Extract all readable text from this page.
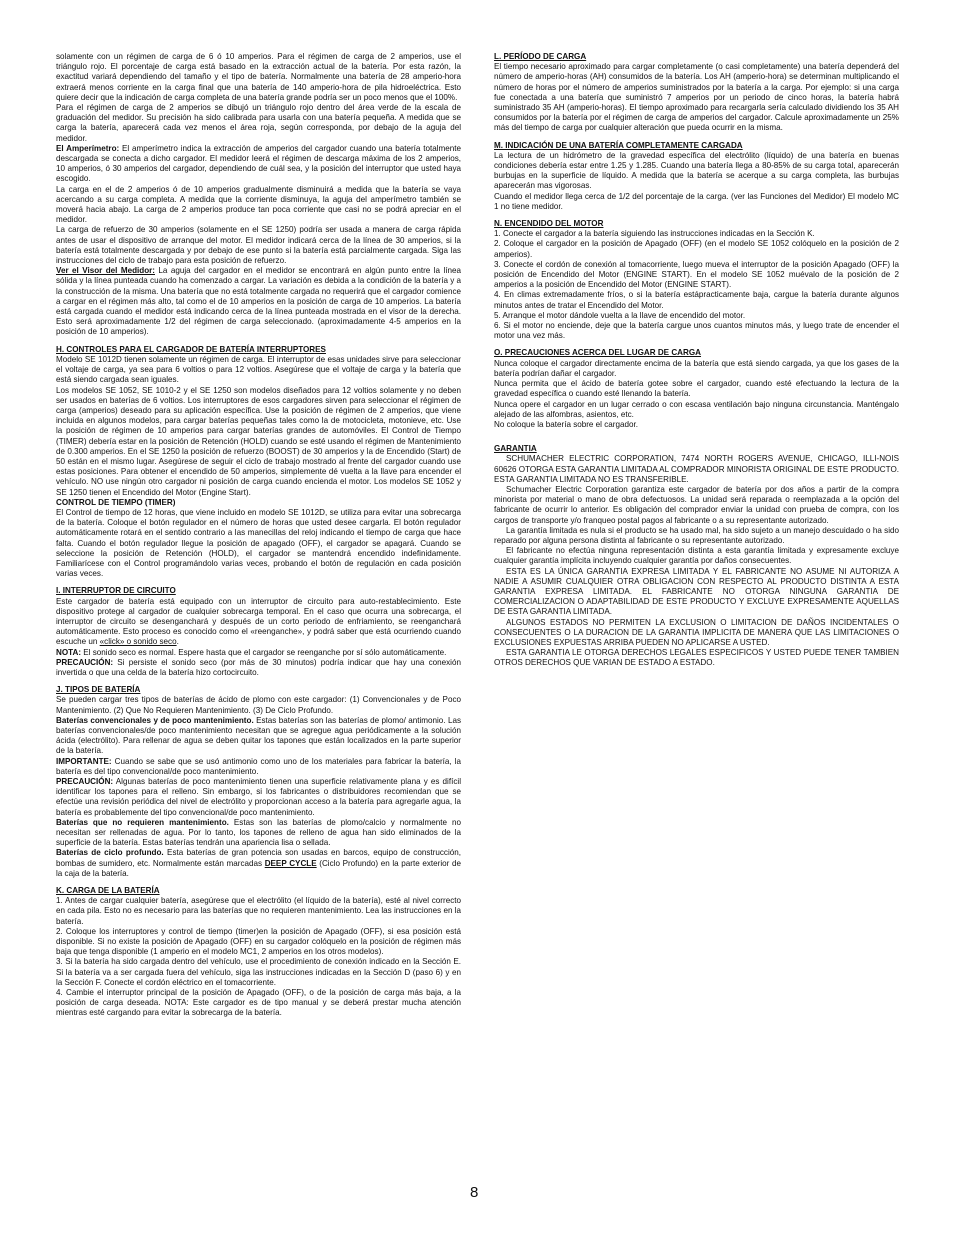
solamente con un régimen de carga de 6 ó 10 amperios. Para el régimen de carga de 2 amperios, use el triángulo rojo. El porcentaje de carga está basado en la extracción actual de la batería. Por esta razón, la exactitud variará dependiendo del tamaño y el tipo de batería. Normalmente una batería de 28 amperio-hora extraerá menos corriente en la carga final que una batería de 140 amperio-hora de pila hidroeléctrica. Esto quiere decir que la indicación de carga completa de una batería grande podría ser un poco menos que el 100%.

Para el régimen de carga de 2 amperios se dibujó un triángulo rojo dentro del área verde de la escala de graduación del medidor. Su precisión ha sido calibrada para usarla con una batería pequeña. A medida que se carga la batería, aparecerá cada vez menos el área roja, según corresponda, por debajo de la aguja del medidor.

El Amperímetro: El amperímetro indica la extracción de amperios del cargador cuando una batería totalmente descargada se conecta a dicho cargador. El medidor leerá el régimen de descarga máxima de los 2 amperios, 10 amperios, ó 30 amperios del cargador, dependiendo de cuál sea, y la posición del interruptor que usted haya escogido.

La carga en el de 2 amperios ó de 10 amperios gradualmente disminuirá a medida que la batería se vaya acercando a su carga completa. A medida que la corriente disminuya, la aguja del amperímetro también se moverá hacia abajo. La carga de 2 amperios produce tan poca corriente que casi no se podrá apreciar en el medidor.

La carga de refuerzo de 30 amperios (solamente en el SE 1250) podría ser usada a manera de carga rápida antes de usar el dispositivo de arranque del motor. El medidor indicará cerca de la línea de 30 amperios, si la batería está totalmente descargada y por debajo de ese punto si la batería está parcialmente cargada. Siga las instrucciones del ciclo de trabajo para esta posición de refuerzo.

Ver el Visor del Medidor: La aguja del cargador en el medidor se encontrará en algún punto entre la línea sólida y la línea punteada cuando ha comenzado a cargar. La variación es debida a la condición de la batería y a la construcción de la misma. Una batería que no está totalmente cargada no requerirá que el cargador comience a cargar en el régimen más alto, tal como el de 10 amperios en la posición de carga de 10 amperios. La batería está cargada cuando el medidor está indicando cerca de la línea punteada mostrada en el visor de la derecha. Esto será aproximadamente 1/2 del régimen de carga seleccionado. (aproximadamente 4-5 amperios en la posición de 10 amperios).

H. CONTROLES PARA EL CARGADOR DE BATERÍA INTERRUPTORES

Modelo SE 1012D tienen solamente un régimen de carga. El interruptor de esas unidades sirve para seleccionar el voltaje de carga, ya sea para 6 voltios o para 12 voltios. Asegúrese que el voltaje de carga y la batería que está siendo cargada sean iguales.

Los modelos SE 1052, SE 1010-2 y el SE 1250 son modelos diseñados para 12 voltios solamente y no deben ser usados en baterías de 6 voltios. Los interruptores de esos cargadores sirven para seleccionar el régimen de carga (amperios) deseado para su aplicación específica. Use la posición de régimen de 2 amperios, que viene incluida en algunos modelos, para cargar baterías pequeñas tales como la de motocicleta, motonieve, etc. Use la posición de régimen de 10 amperios para cargar baterías grandes de automóviles. El Control de Tiempo (TIMER) debería estar en la posición de Retención (HOLD) cuando se esté usando el régimen de Mantenimiento de 0.300 amperios. En el SE 1250 la posición de refuerzo (BOOST) de 30 amperios y la de Encendido (Start) de 50 están en el mismo lugar. Asegúrese de seguir el ciclo de trabajo mostrado al frente del cargador cuando use estas posiciones. Para obtener el encendido de 50 amperios, simplemente dé vuelta a la llave para encender el vehículo. NO use ningún otro cargador ni posición de carga cuando encienda el motor. Los modelos SE 1052 y SE 1250 tienen el Encendido del Motor (Engine Start).

CONTROL DE TIEMPO (TIMER)

El Control de tiempo de 12 horas, que viene incluido en modelo SE 1012D, se utiliza para evitar una sobrecarga de la batería. Coloque el botón regulador en el número de horas que usted desee cargarla. El botón regulador automáticamente rotará en el sentido contrario a las manecillas del reloj indicando el tiempo de carga que hace falta. Cuando el botón regulador llegue la posición de apagado (OFF), el cargador se apagará. Cuando se seleccione la posición de Retención (HOLD), el cargador se mantendrá encendido indefinidamente. Familiarícese con el Control programándolo varias veces, probando el botón de regulación en cada posición varias veces.

I. INTERRUPTOR DE CIRCUITO

Este cargador de batería está equipado con un interruptor de circuito para auto-restablecimiento. Este dispositivo protege al cargador de cualquier sobrecarga temporal. En el caso que ocurra una sobrecarga, el interruptor de circuito se desenganchará y después de un corto periodo de enfriamiento, se reenganchará automáticamente. Esto proceso es conocido como el «reenganche», y podrá saber que está ocurriendo cuando escuche un «click» o sonido seco.

NOTA: El sonido seco es normal. Espere hasta que el cargador se reenganche por sí sólo automáticamente.

PRECAUCIÓN: Si persiste el sonido seco (por más de 30 minutos) podría indicar que hay una conexión invertida o que una celda de la batería hizo cortocircuito.

J. TIPOS DE BATERÍA

Se pueden cargar tres tipos de baterías de ácido de plomo con este cargador: (1) Convencionales y de Poco Mantenimiento. (2) Que No Requieren Mantenimiento. (3) De Ciclo Profundo.

Baterías convencionales y de poco mantenimiento. Estas baterías son las baterías de plomo/ antimonio. Las baterías convencionales/de poco mantenimiento necesitan que se agregue agua periódicamente a la solución ácida (electrólito). Para rellenar de agua se deben quitar los tapones que están localizados en la parte superior de la batería.

IMPORTANTE: Cuando se sabe que se usó antimonio como uno de los materiales para fabricar la batería, la batería es del tipo convencional/de poco mantenimiento.

PRECAUCIÓN: Algunas baterías de poco mantenimiento tienen una superficie relativamente plana y es difícil identificar los tapones para el relleno. Sin embargo, si los fabricantes o distribuidores recomiendan que se efectúe una revisión periódica del nivel de electrólito y proporcionan acceso a la batería para agregarle agua, la batería es probablemente del tipo convencional/de poco mantenimiento.

Baterías que no requieren mantenimiento. Estas son las baterías de plomo/calcio y normalmente no necesitan ser rellenadas de agua. Por lo tanto, los tapones de relleno de agua han sido eliminados de la superficie de la batería. Estas baterías tendrán una apariencia lisa o sellada.

Baterías de ciclo profundo. Esta baterías de gran potencia son usadas en barcos, equipo de construcción, bombas de sumidero, etc. Normalmente están marcadas DEEP CYCLE (Ciclo Profundo) en la parte exterior de la caja de la batería.

K. CARGA DE LA BATERÍA

1. Antes de cargar cualquier batería, asegúrese que el electrólito (el líquido de la batería), esté al nivel correcto en cada pila. Esto no es necesario para las baterías que no requieren mantenimiento. Lea las instrucciones en la batería.

2. Coloque los interruptores y control de tiempo (timer)en la posición de Apagado (OFF), si esa posición está disponible. Si no existe la posición de Apagado (OFF) en su cargador colóquelo en la posición de régimen más baja que tenga disponible (1 amperio en el modelo MC1, 2 amperios en los otros modelos).

3. Si la batería ha sido cargada dentro del vehículo, use el procedimiento de conexión indicado en la Sección E. Si la batería va a ser cargada fuera del vehículo, siga las instrucciones indicadas en la Sección D (paso 6) y en la Sección F. Conecte el cordón eléctrico en el tomacorriente.

4. Cambie el interruptor principal de la posición de Apagado (OFF), o de la posición de carga más baja, a la posición de carga deseada. NOTA: Este cargador es de tipo manual y se deberá prestar mucha atención mientras esté cargando para evitar la sobrecarga de la batería.

L. PERÍODO DE CARGA

El tiempo necesario aproximado para cargar completamente (o casi completamente) una batería dependerá del número de amperio-horas (AH) consumidos de la batería. Los AH (amperio-hora) se determinan multiplicando el número de horas por el número de amperios suministrados por la batería a la carga. Por ejemplo: si una carga fue conectada a una batería que suministró 7 amperios por un periodo de cinco horas, la batería habrá suministrado 35 AH (amperio-horas). El tiempo aproximado para recargarla sería calculado dividiendo los 35 AH consumidos por la batería por el régimen de carga de amperios del cargador. Calcule aproximadamente un 25% más del tiempo de carga por cualquier alteración que pueda ocurrir en la misma.

M. INDICACIÓN DE UNA BATERÍA COMPLETAMENTE CARGADA

La lectura de un hidrómetro de la gravedad específica del electrólito (líquido) de una batería en buenas condiciones debería estar entre 1.25 y 1.285. Cuando una batería llega a 80-85% de su carga total, aparecerán burbujas en la superficie de líquido. A medida que la batería se acerque a su carga completa, las burbujas aparecerán mas vigorosas.

Cuando el medidor llega cerca de 1/2 del porcentaje de la carga. (ver las Funciones del Medidor) El modelo MC 1 no tiene medidor.

N. ENCENDIDO DEL MOTOR

1. Conecte el cargador a la batería siguiendo las instrucciones indicadas en la Sección K.

2. Coloque el cargador en la posición de Apagado (OFF) (en el modelo SE 1052 colóquelo en la posición de 2 amperios).

3. Conecte el cordón de conexión al tomacorriente, luego mueva el interruptor de la posición Apagado (OFF) la posición de Encendido del Motor (ENGINE START). En el modelo SE 1052 muévalo de la posición de 2 amperios a la posición de Encendido del Motor (ENGINE START).

4. En climas extremadamente fríos, o si la batería estápracticamente baja, cargue la batería durante algunos minutos antes de tratar el Encendido del Motor.

5. Arranque el motor dándole vuelta a la llave de encendido del motor.

6. Si el motor no enciende, deje que la batería cargue unos cuantos minutos más, y luego trate de encender el motor una vez más.

O. PRECAUCIONES ACERCA DEL LUGAR DE CARGA

Nunca coloque el cargador directamente encima de la batería que está siendo cargada, ya que los gases de la batería podrían dañar el cargador.

Nunca permita que el ácido de batería gotee sobre el cargador, cuando esté efectuando la lectura de la gravedad específica o cuando esté llenando la batería.

Nunca opere el cargador en un lugar cerrado o con escasa ventilación bajo ninguna circunstancia. Manténgalo alejado de las alfombras, asientos, etc.

No coloque la batería sobre el cargador.

GARANTIA

SCHUMACHER ELECTRIC CORPORATION, 7474 NORTH ROGERS AVENUE, CHICAGO, ILLI-NOIS 60626 OTORGA ESTA GARANTIA LIMITADA AL COMPRADOR MINORISTA ORIGINAL DE ESTE PRODUCTO. ESTA GARANTIA LIMITADA NO ES TRANSFERIBLE.

Schumacher Electric Corporation garantiza este cargador de batería por dos años a partir de la compra minorista por material o mano de obra defectuosos. La unidad será reparada o reemplazada a la opción del fabricante de ocurrir lo anterior. Es obligación del comprador enviar la unidad con prueba de compra, con los cargos de transporte y/o franqueo postal pagos al fabricante o a su representante autorizado.

La garantía limitada es nula si el producto se ha usado mal, ha sido sujeto a un manejo descuidado o ha sido reparado por alguna persona distinta al fabricante o su representante autorizado.

El fabricante no efectúa ninguna representación distinta a esta garantía limitada y expresamente excluye cualquier garantía implícita incluyendo cualquier garantía por daños consecuentes.

ESTA ES LA ÚNICA GARANTIA EXPRESA LIMITADA Y EL FABRICANTE NO ASUME NI AUTORIZA A NADIE A ASUMIR CUALQUIER OTRA OBLIGACION CON RESPECTO AL PRODUCTO DISTINTA A ESTA GARANTIA EXPRESA LIMITADA. EL FABRICANTE NO OTORGA NINGUNA GARANTIA DE COMERCIALIZACION O ADAPTABILIDAD DE ESTE PRODUCTO Y EXCLUYE EXPRESAMENTE AQUELLAS DE ESTA GARANTIA LIMITADA.

ALGUNOS ESTADOS NO PERMITEN LA EXCLUSION O LIMITACION DE DAÑOS INCIDENTALES O CONSECUENTES O LA DURACION DE LA GARANTIA IMPLICITA DE MANERA QUE LAS LIMITACIONES O EXCLUSIONES EXPUESTAS ARRIBA PUEDEN NO APLICARSE A USTED.

ESTA GARANTIA LE OTORGA DERECHOS LEGALES ESPECIFICOS Y USTED PUEDE TENER TAMBIEN OTROS DERECHOS QUE VARIAN DE ESTADO A ESTADO.

8
